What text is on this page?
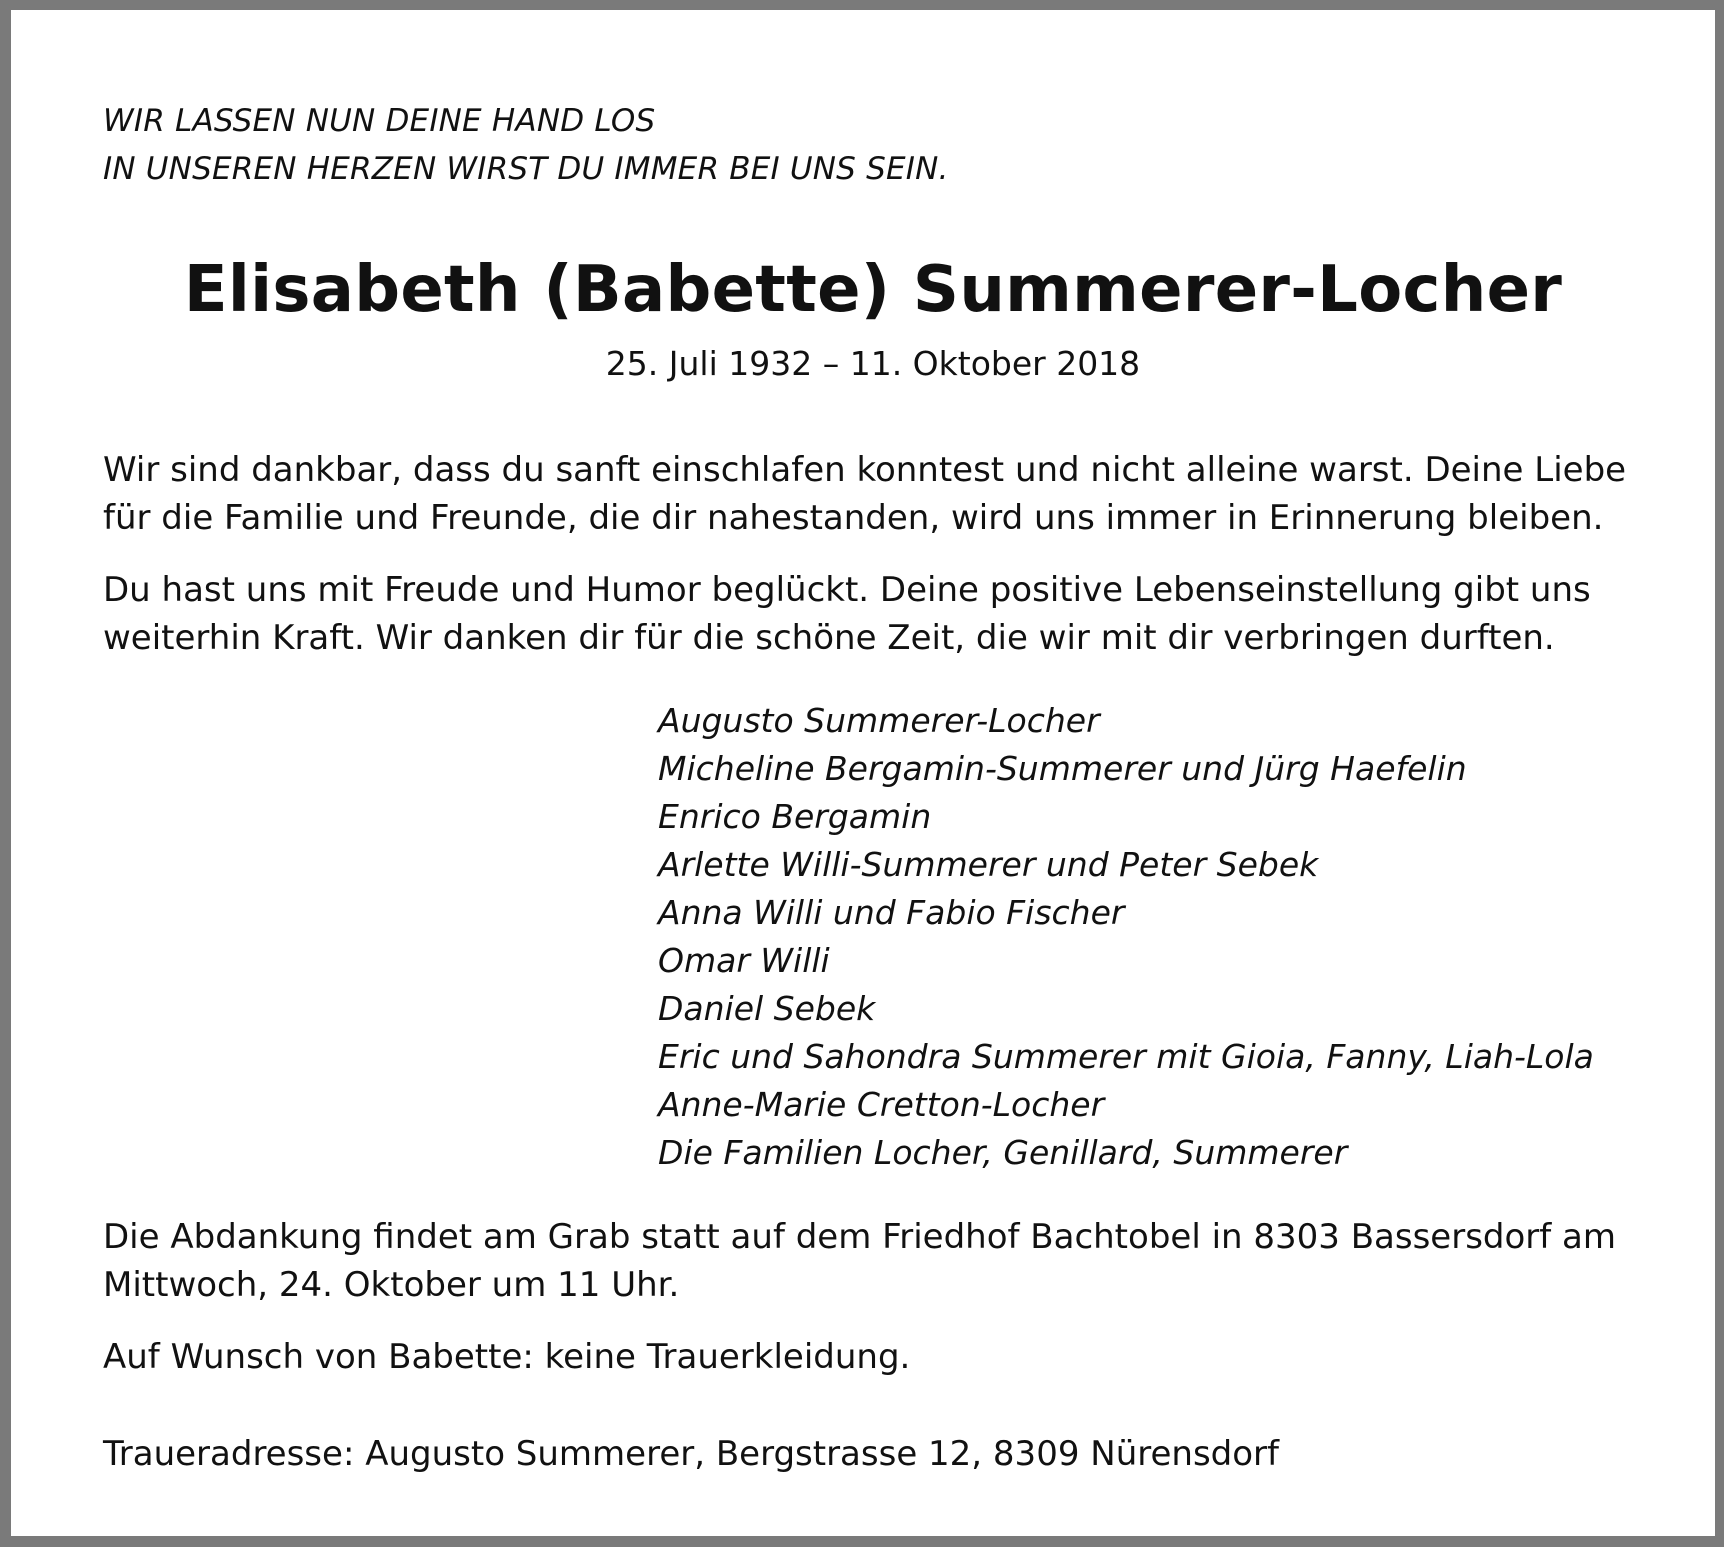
WIR LASSEN NUN DEINE HAND LOS
IN UNSEREN HERZEN WIRST DU IMMER BEI UNS SEIN.
Elisabeth (Babette) Summerer-Locher
25. Juli 1932 – 11. Oktober 2018
Wir sind dankbar, dass du sanft einschlafen konntest und nicht alleine warst. Deine Liebe
für die Familie und Freunde, die dir nahestanden, wird uns immer in Erinnerung bleiben.
Du hast uns mit Freude und Humor beglückt. Deine positive Lebenseinstellung gibt uns
weiterhin Kraft. Wir danken dir für die schöne Zeit, die wir mit dir verbringen durften.
Augusto Summerer-Locher
Micheline Bergamin-Summerer und Jürg Haefelin
Enrico Bergamin
Arlette Willi-Summerer und Peter Sebek
Anna Willi und Fabio Fischer
Omar Willi
Daniel Sebek
Eric und Sahondra Summerer mit Gioia, Fanny, Liah-Lola
Anne-Marie Cretton-Locher
Die Familien Locher, Genillard, Summerer
Die Abdankung findet am Grab statt auf dem Friedhof Bachtobel in 8303 Bassersdorf am
Mittwoch, 24. Oktober um 11 Uhr.
Auf Wunsch von Babette: keine Trauerkleidung.
Traueradresse: Augusto Summerer, Bergstrasse 12, 8309 Nürensdorf
